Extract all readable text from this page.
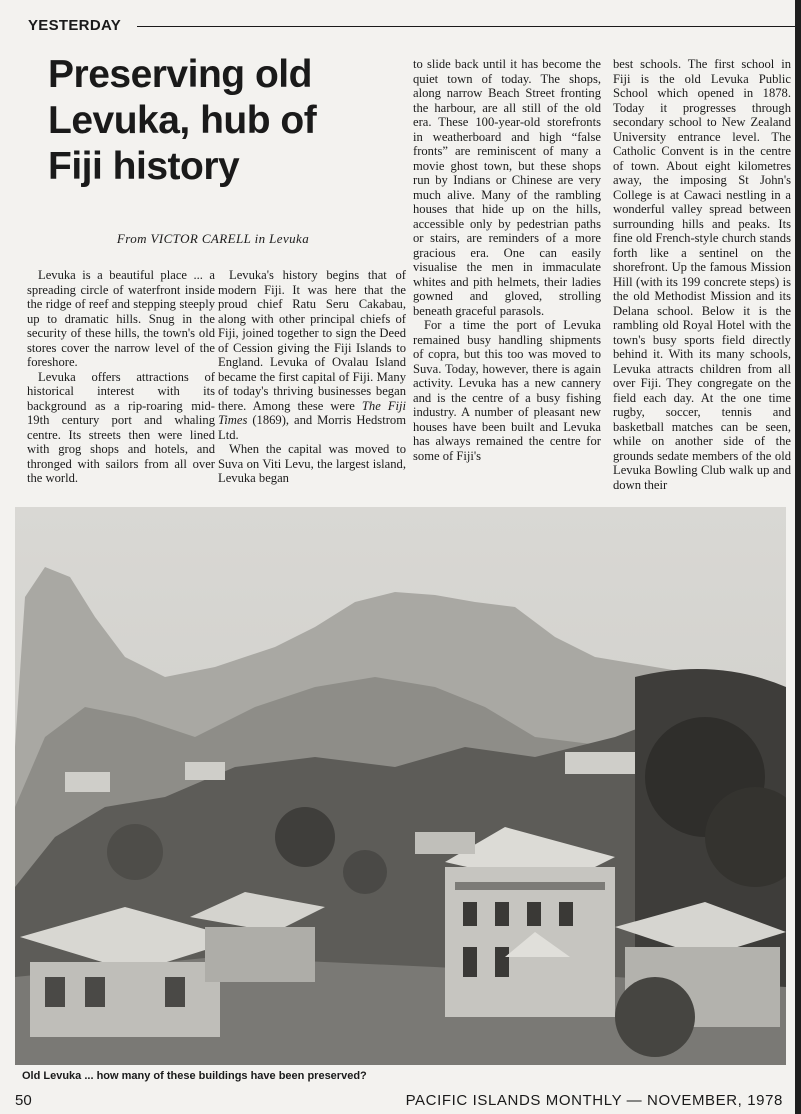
YESTERDAY
Preserving old Levuka, hub of Fiji history
From VICTOR CARELL in Levuka

Levuka is a beautiful place ... a spreading circle of waterfront inside the ridge of reef and stepping steeply up to dramatic hills. Snug in the security of these hills, the town's old stores cover the narrow level of the foreshore.

Levuka offers attractions of historical interest with its background as a rip-roaring mid-19th century port and whaling centre. Its streets then were lined with grog shops and hotels, and thronged with sailors from all over the world.

Levuka's history begins that of modern Fiji. It was here that the proud chief Ratu Seru Cakabau, along with other principal chiefs of Fiji, joined together to sign the Deed of Cession giving the Fiji Islands to England. Levuka of Ovalau Island became the first capital of Fiji. Many of today's thriving businesses began there. Among these were The Fiji Times (1869), and Morris Hedstrom Ltd.

When the capital was moved to Suva on Viti Levu, the largest island, Levuka began

to slide back until it has become the quiet town of today. The shops, along narrow Beach Street fronting the harbour, are all still of the old era. These 100-year-old storefronts in weatherboard and high “false fronts” are reminiscent of many a movie ghost town, but these shops run by Indians or Chinese are very much alive. Many of the rambling houses that hide up on the hills, accessible only by pedestrian paths or stairs, are reminders of a more gracious era. One can easily visualise the men in immaculate whites and pith helmets, their ladies gowned and gloved, strolling beneath graceful parasols.

For a time the port of Levuka remained busy handling shipments of copra, but this too was moved to Suva. Today, however, there is again activity. Levuka has a new cannery and is the centre of a busy fishing industry. A number of pleasant new houses have been built and Levuka has always remained the centre for some of Fiji's

best schools. The first school in Fiji is the old Levuka Public School which opened in 1878. Today it progresses through secondary school to New Zealand University entrance level. The Catholic Convent is in the centre of town. About eight kilometres away, the imposing St John's College is at Cawaci nestling in a wonderful valley spread between surrounding hills and peaks. Its fine old French-style church stands forth like a sentinel on the shorefront. Up the famous Mission Hill (with its 199 concrete steps) is the old Methodist Mission and its Delana school. Below it is the rambling old Royal Hotel with the town's busy sports field directly behind it. With its many schools, Levuka attracts children from all over Fiji. They congregate on the field each day. At the one time rugby, soccer, tennis and basketball matches can be seen, while on another side of the grounds sedate members of the old Levuka Bowling Club walk up and down their

Old Levuka ... how many of these buildings have been preserved?
50	PACIFIC ISLANDS MONTHLY — NOVEMBER, 1978
